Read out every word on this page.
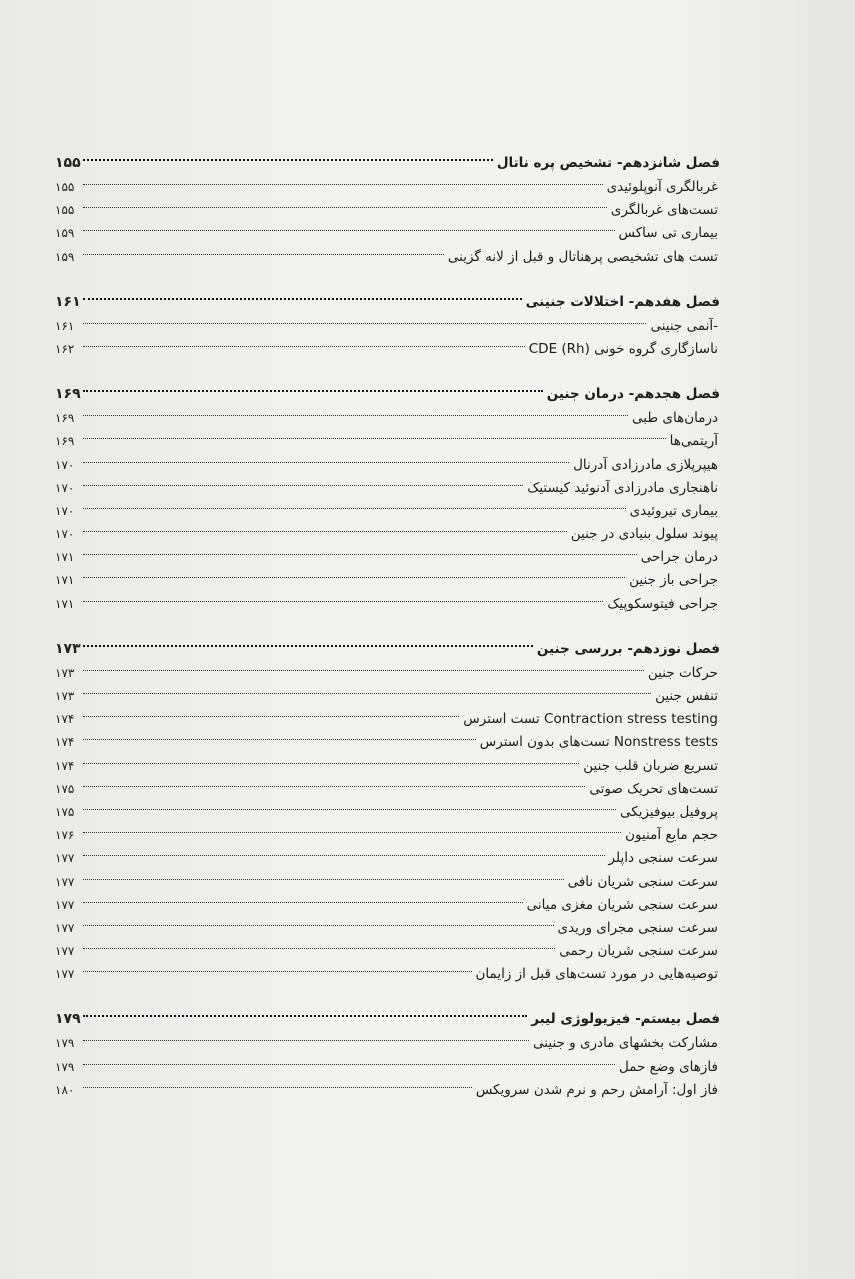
فصل شانزدهم- تشخیص پره ناتال
۱۵۵
غربالگری آنوپلوئیدی
۱۵۵
تست‌های غربالگری
۱۵۵
بیماری تی ساکس
۱۵۹
تست های تشخیصی پرهناتال و قبل از لانه گزینی
۱۵۹
فصل هفدهم- اختلالات جنینی
۱۶۱
-آنمی جنینی
۱۶۱
ناسازگاری گروه خونی CDE (Rh)
۱۶۲
فصل هجدهم- درمان جنین
۱۶۹
درمان‌های طبی
۱۶۹
آریتمی‌ها
۱۶۹
هیپرپلازی مادرزادی آدرنال
۱۷۰
ناهنجاری مادرزادی آدنوئید کیستیک
۱۷۰
بیماری تیروئیدی
۱۷۰
پیوند سلول بنیادی در جنین
۱۷۰
درمان جراحی
۱۷۱
جراحی باز جنین
۱۷۱
جراحی فیتوسکوپیک
۱۷۱
فصل نوزدهم- بررسی جنین
۱۷۳
حرکات جنین
۱۷۳
تنفس جنین
۱۷۳
Contraction stress testing تست استرس
۱۷۴
Nonstress tests تست‌های بدون استرس
۱۷۴
تسریع ضربان قلب جنین
۱۷۴
تست‌های تحریک صوتی
۱۷۵
پروفیل بیوفیزیکی
۱۷۵
حجم مایع آمنیون
۱۷۶
سرعت سنجی داپلر
۱۷۷
سرعت سنجی شریان نافی
۱۷۷
سرعت سنجی شریان مغزی میانی
۱۷۷
سرعت سنجی مجرای وریدی
۱۷۷
سرعت سنجی شریان رحمی
۱۷۷
توصیه‌هایی در مورد تست‌های قبل از زایمان
۱۷۷
فصل بیستم- فیزیولوژی لیبر
۱۷۹
مشارکت بخشهای مادری و جنینی
۱۷۹
فازهای وضع حمل
۱۷۹
فاز اول: آرامش رحم و نرم شدن سرویکس
۱۸۰
